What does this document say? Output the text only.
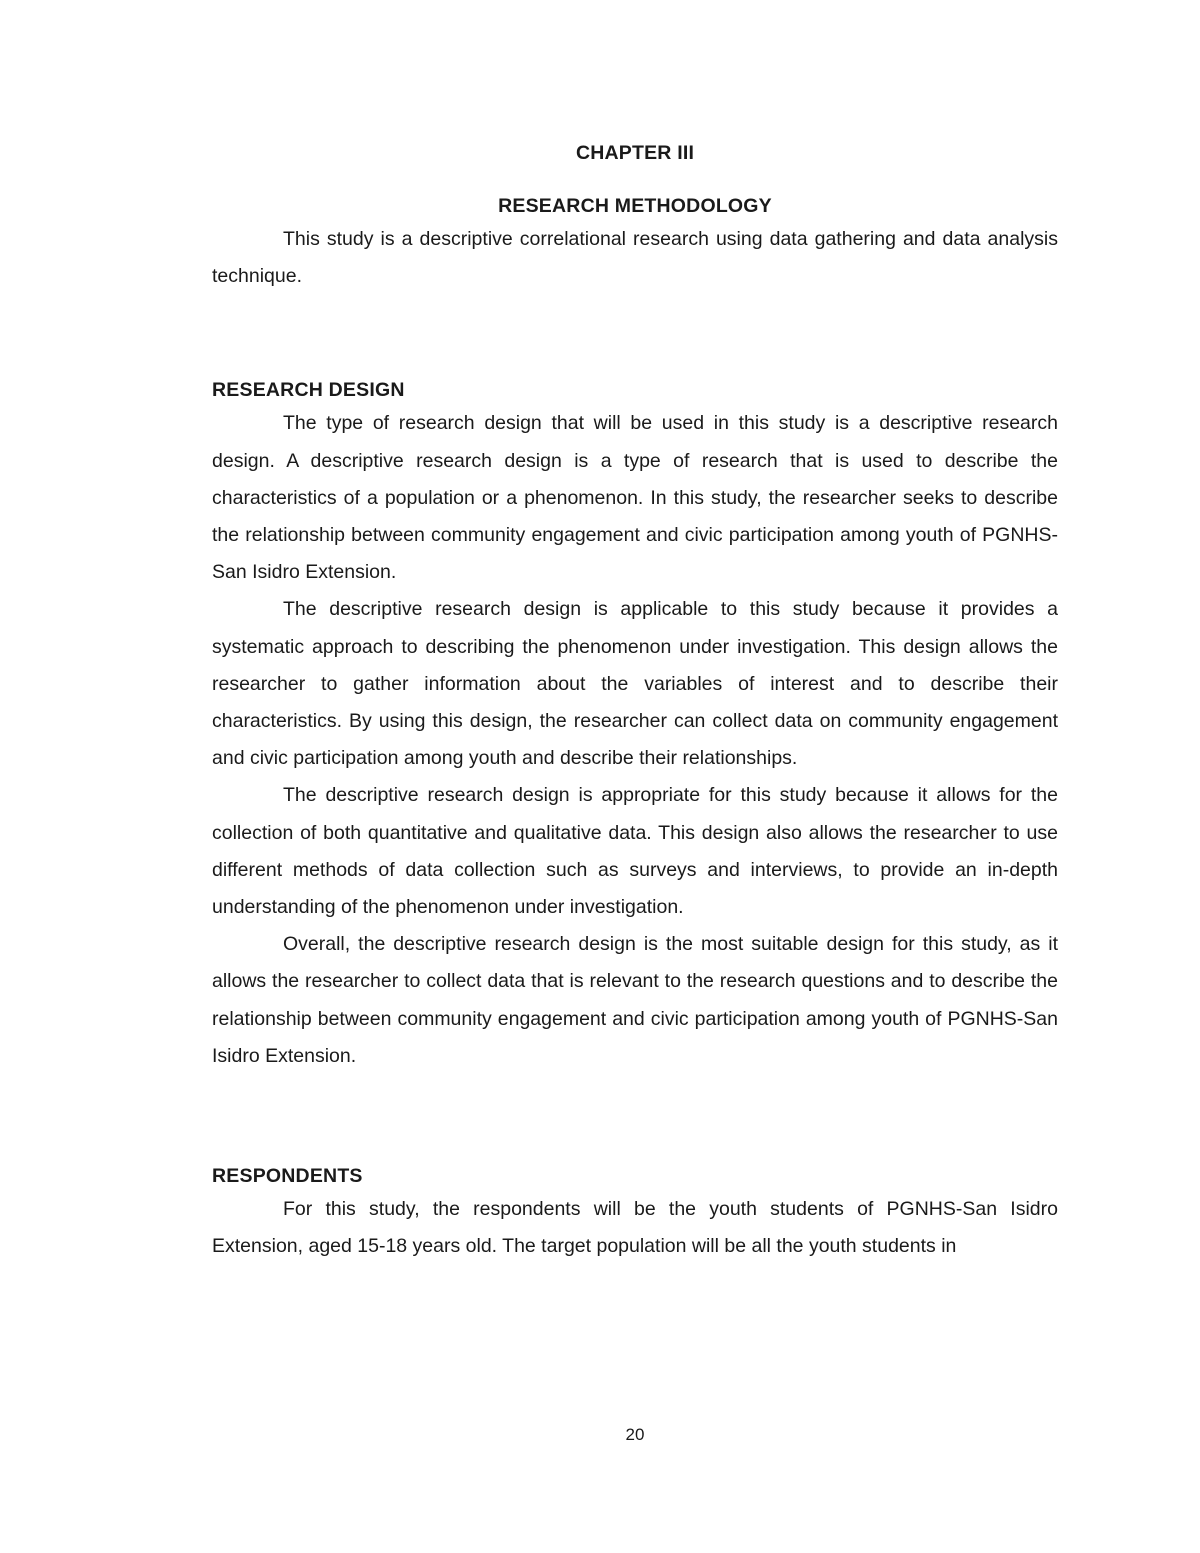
CHAPTER III
RESEARCH METHODOLOGY

This study is a descriptive correlational research using data gathering and data analysis technique.

RESEARCH DESIGN

The type of research design that will be used in this study is a descriptive research design. A descriptive research design is a type of research that is used to describe the characteristics of a population or a phenomenon. In this study, the researcher seeks to describe the relationship between community engagement and civic participation among youth of PGNHS-San Isidro Extension.

The descriptive research design is applicable to this study because it provides a systematic approach to describing the phenomenon under investigation. This design allows the researcher to gather information about the variables of interest and to describe their characteristics. By using this design, the researcher can collect data on community engagement and civic participation among youth and describe their relationships.

The descriptive research design is appropriate for this study because it allows for the collection of both quantitative and qualitative data. This design also allows the researcher to use different methods of data collection such as surveys and interviews, to provide an in-depth understanding of the phenomenon under investigation.

Overall, the descriptive research design is the most suitable design for this study, as it allows the researcher to collect data that is relevant to the research questions and to describe the relationship between community engagement and civic participation among youth of PGNHS-San Isidro Extension.

RESPONDENTS

For this study, the respondents will be the youth students of PGNHS-San Isidro Extension, aged 15-18 years old. The target population will be all the youth students in

20
